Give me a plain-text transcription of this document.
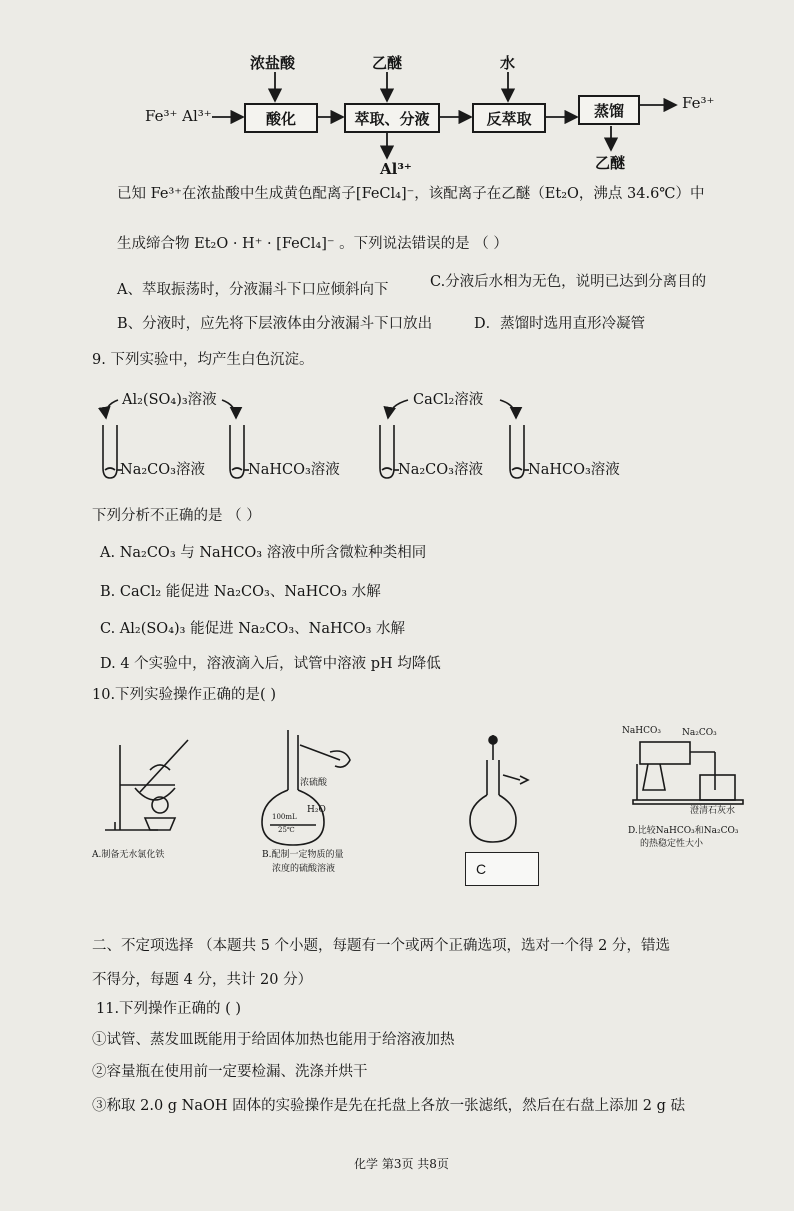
Fe³⁺ Al³⁺
浓盐酸
酸化
乙醚
萃取、分液
Al³⁺
水
反萃取	蒸馏	Fe³⁺
乙醚
已知 Fe³⁺在浓盐酸中生成黄色配离子[FeCl₄]⁻，该配离子在乙醚（Et₂O，沸点 34.6℃）中
生成缔合物 Et₂O · H⁺ · [FeCl₄]⁻ 。下列说法错误的是 （ ）
A、萃取振荡时，分液漏斗下口应倾斜向下	C.分液后水相为无色，说明已达到分离目的
B、分液时，应先将下层液体由分液漏斗下口放出	D．蒸馏时选用直形冷凝管
9. 下列实验中，均产生白色沉淀。
Al₂(SO₄)₃溶液	CaCl₂溶液
Na₂CO₃溶液	NaHCO₃溶液	Na₂CO₃溶液	NaHCO₃溶液
下列分析不正确的是 （ ）
A. Na₂CO₃ 与 NaHCO₃ 溶液中所含微粒种类相同
B. CaCl₂ 能促进 Na₂CO₃、NaHCO₃ 水解
C. Al₂(SO₄)₃ 能促进 Na₂CO₃、NaHCO₃ 水解
D. 4 个实验中，溶液滴入后，试管中溶液 pH 均降低
10.下列实验操作正确的是( )
A.制备无水氯化铁
浓硫酸
H₂O
100mL
25℃
B.配制一定物质的量
浓度的硫酸溶液	C
NaHCO₃ Na₂CO₃
澄清石灰水
D.比较NaHCO₃和Na₂CO₃
的热稳定性大小
二、不定项选择 （本题共 5 个小题，每题有一个或两个正确选项，选对一个得 2 分，错选
不得分，每题 4 分，共计 20 分）
11.下列操作正确的 ( )
①试管、蒸发皿既能用于给固体加热也能用于给溶液加热
②容量瓶在使用前一定要检漏、洗涤并烘干
③称取 2.0 g NaOH 固体的实验操作是先在托盘上各放一张滤纸，然后在右盘上添加 2 g 砝
化学 第3页 共8页
